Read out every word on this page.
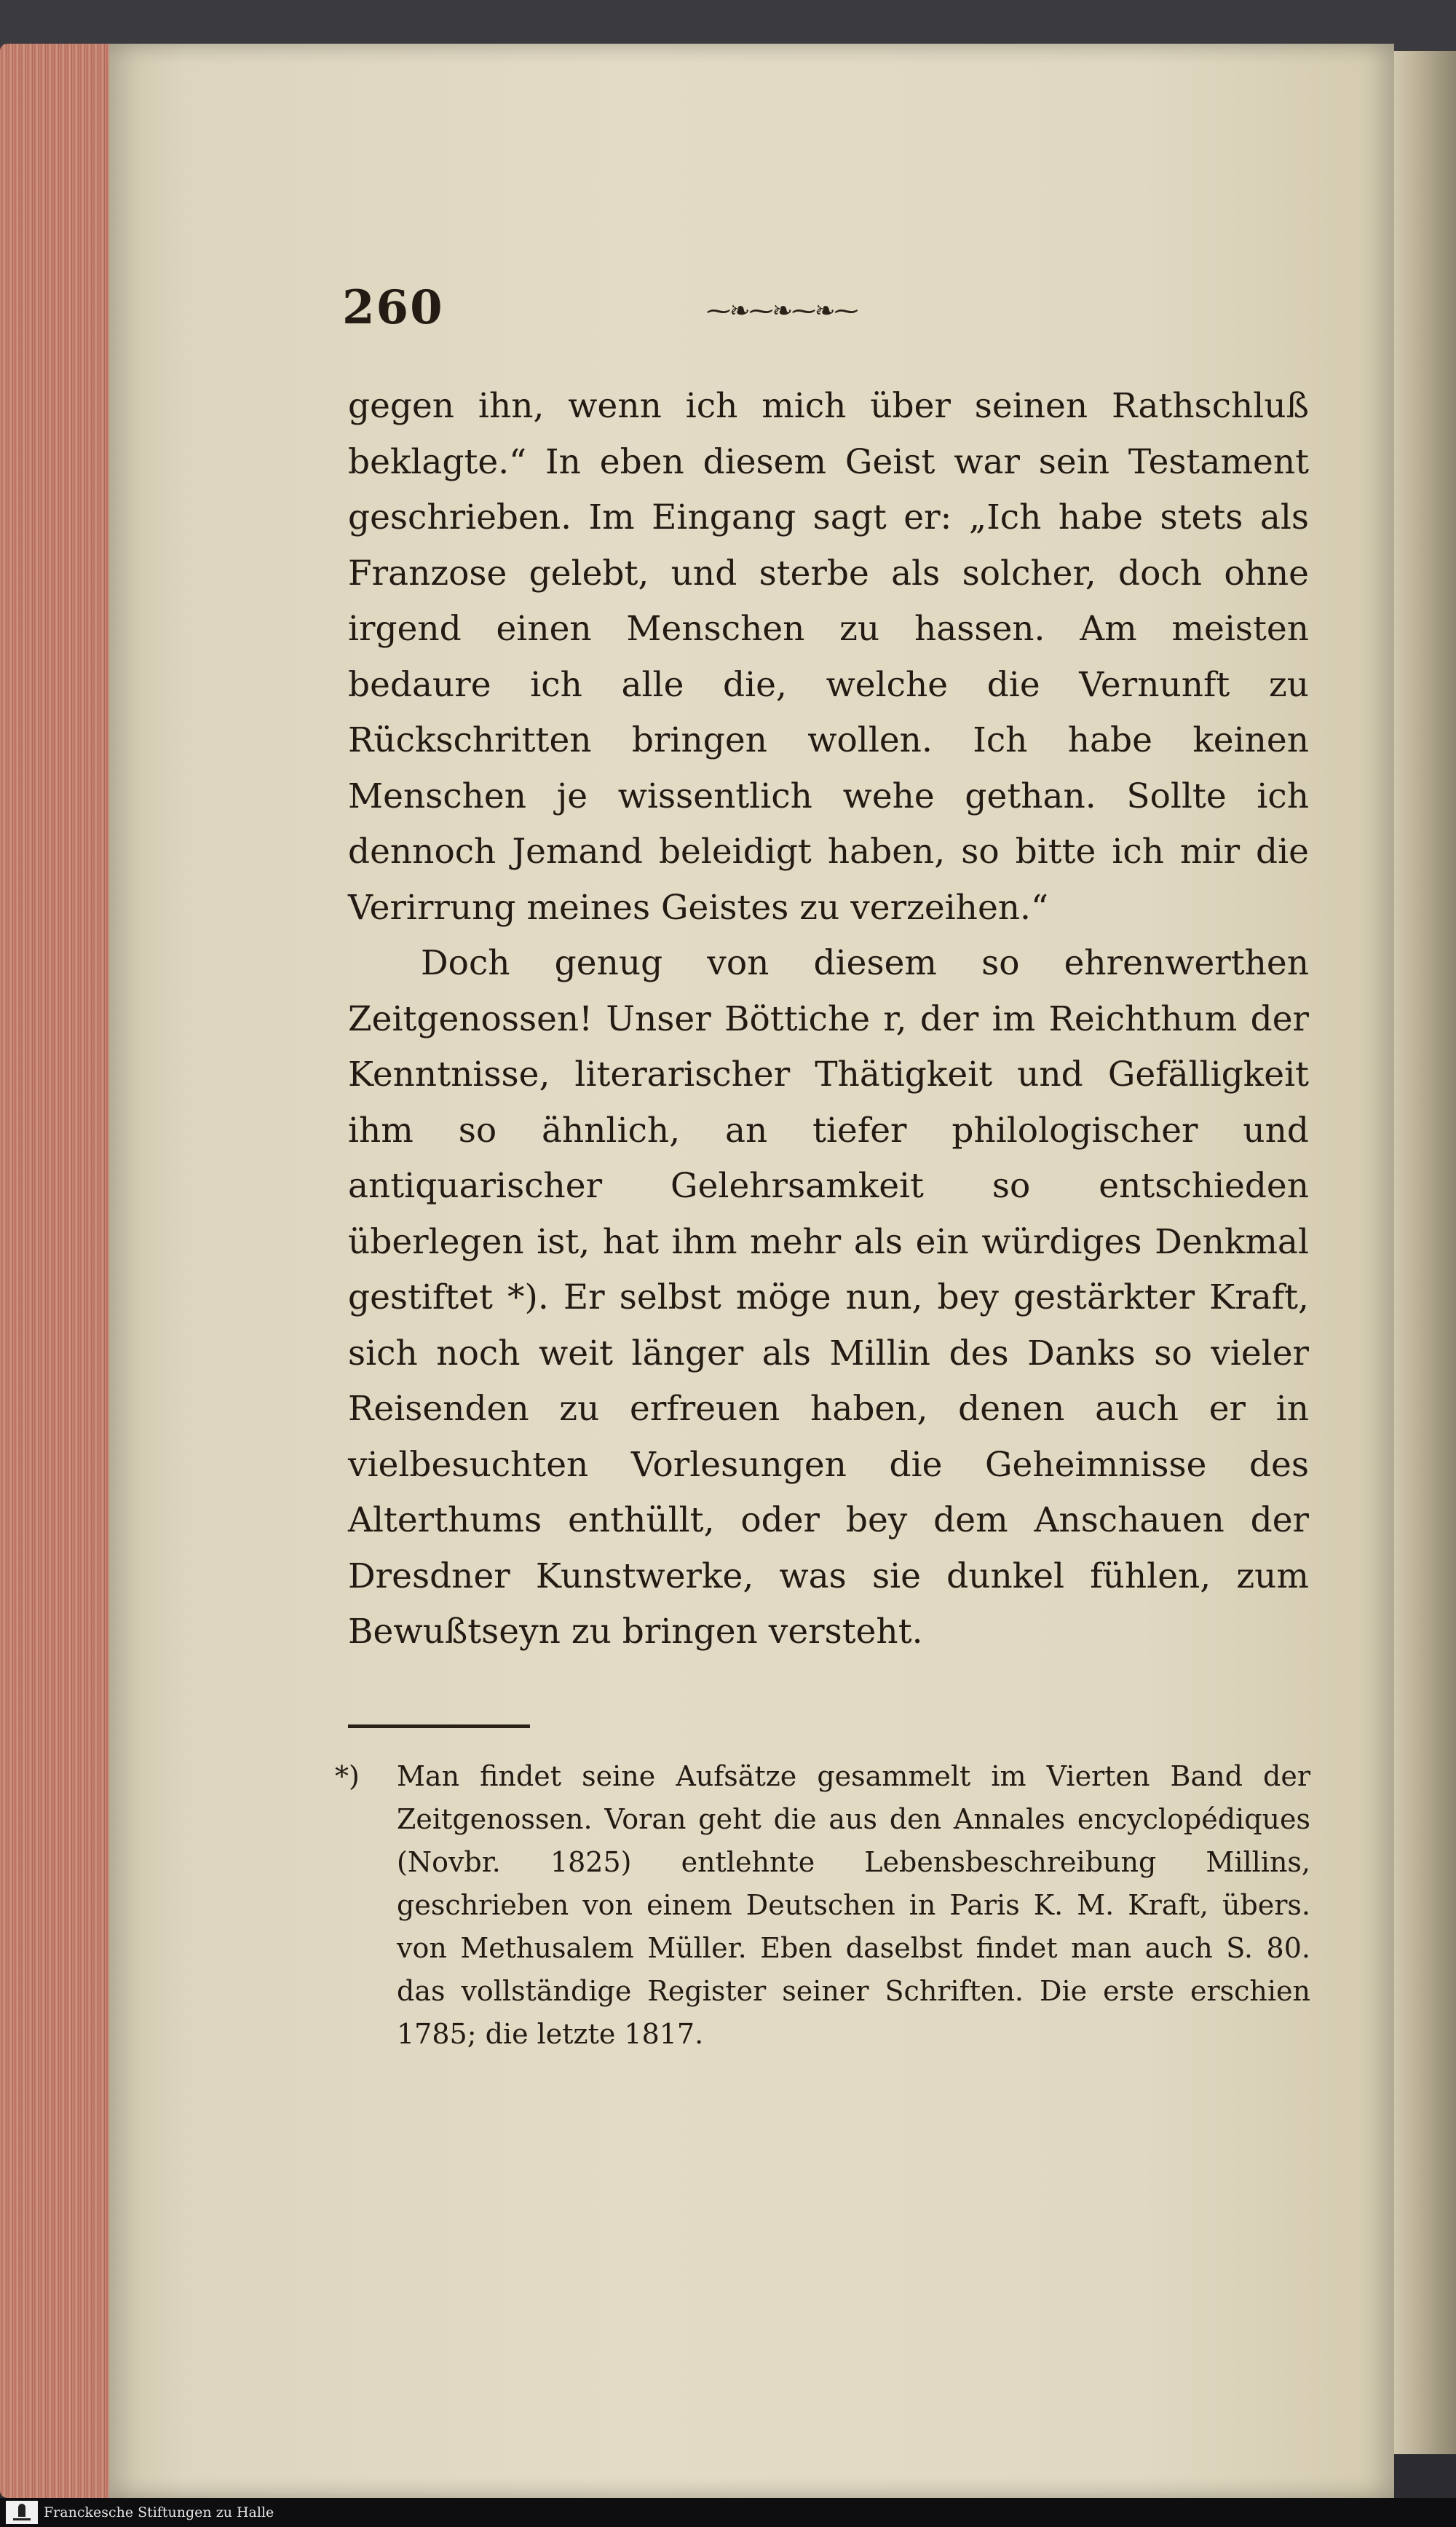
260	⁓❧⁓❧⁓❧⁓

gegen ihn, wenn ich mich über seinen Rathschluß beklagte.“ In eben diesem Geist war sein Testament geschrieben. Im Eingang sagt er: „Ich habe stets als Franzose gelebt, und sterbe als solcher, doch ohne irgend einen Menschen zu hassen. Am meisten bedaure ich alle die, welche die Vernunft zu Rückschritten bringen wollen. Ich habe keinen Menschen je wissentlich wehe gethan. Sollte ich dennoch Jemand beleidigt haben, so bitte ich mir die Verirrung meines Geistes zu verzeihen.“

Doch genug von diesem so ehrenwerthen Zeitgenossen! Unser Böttiche r, der im Reichthum der Kenntnisse, literarischer Thätigkeit und Gefälligkeit ihm so ähnlich, an tiefer philologischer und antiquarischer Gelehrsamkeit so entschieden überlegen ist, hat ihm mehr als ein würdiges Denkmal gestiftet *). Er selbst möge nun, bey gestärkter Kraft, sich noch weit länger als Millin des Danks so vieler Reisenden zu erfreuen haben, denen auch er in vielbesuchten Vorlesungen die Geheimnisse des Alterthums enthüllt, oder bey dem Anschauen der Dresdner Kunstwerke, was sie dunkel fühlen, zum Bewußtseyn zu bringen versteht.

*) Man findet seine Aufsätze gesammelt im Vierten Band der Zeitgenossen. Voran geht die aus den Annales encyclopédiques (Novbr. 1825) entlehnte Lebensbeschreibung Millins, geschrieben von einem Deutschen in Paris K. M. Kraft, übers. von Methusalem Müller. Eben daselbst findet man auch S. 80. das vollständige Register seiner Schriften. Die erste erschien 1785; die letzte 1817.

Franckesche Stiftungen zu Halle
